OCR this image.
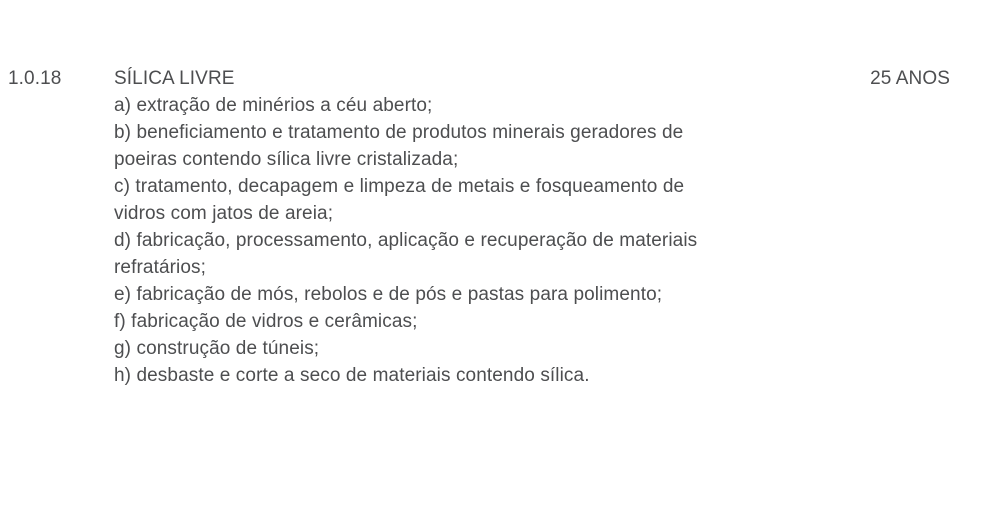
1.0.18	SÍLICA LIVRE
a) extração de minérios a céu aberto;
b) beneficiamento e tratamento de produtos minerais geradores de
poeiras contendo sílica livre cristalizada;
c) tratamento, decapagem e limpeza de metais e fosqueamento de
vidros com jatos de areia;
d) fabricação, processamento, aplicação e recuperação de materiais
refratários;
e) fabricação de mós, rebolos e de pós e pastas para polimento;
f) fabricação de vidros e cerâmicas;
g) construção de túneis;
h) desbaste e corte a seco de materiais contendo sílica.
25 ANOS
